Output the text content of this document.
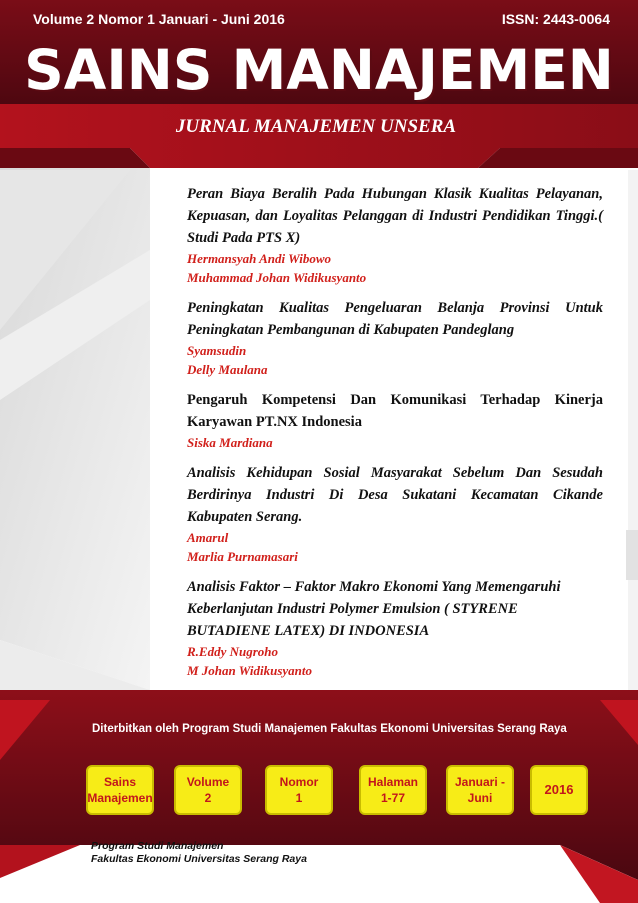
Volume 2 Nomor 1 Januari - Juni 2016	ISSN: 2443-0064
SAINS MANAJEMEN
JURNAL MANAJEMEN UNSERA

Peran Biaya Beralih Pada Hubungan Klasik Kualitas Pelayanan, Kepuasan, dan Loyalitas Pelanggan di Industri Pendidikan Tinggi.( Studi Pada PTS X)

Hermansyah Andi Wibowo
Muhammad Johan Widikusyanto

Peningkatan Kualitas Pengeluaran Belanja Provinsi Untuk Peningkatan Pembangunan di Kabupaten Pandeglang

Syamsudin
Delly Maulana

Pengaruh Kompetensi Dan Komunikasi Terhadap Kinerja Karyawan PT.NX Indonesia

Siska Mardiana

Analisis Kehidupan Sosial Masyarakat Sebelum Dan Sesudah Berdirinya Industri Di Desa Sukatani Kecamatan Cikande Kabupaten Serang.

Amarul
Marlia Purnamasari

Analisis Faktor – Faktor Makro Ekonomi Yang Memengaruhi Keberlanjutan Industri Polymer Emulsion ( STYRENE BUTADIENE LATEX) DI INDONESIA

R.Eddy Nugroho
M Johan Widikusyanto
Diterbitkan oleh Program Studi Manajemen Fakultas Ekonomi Universitas Serang Raya
Sains
Manajemen
Volume
2
Nomor
1
Halaman
1-77
Januari -
Juni
2016
Program Studi Manajemen
Fakultas Ekonomi Universitas Serang Raya
